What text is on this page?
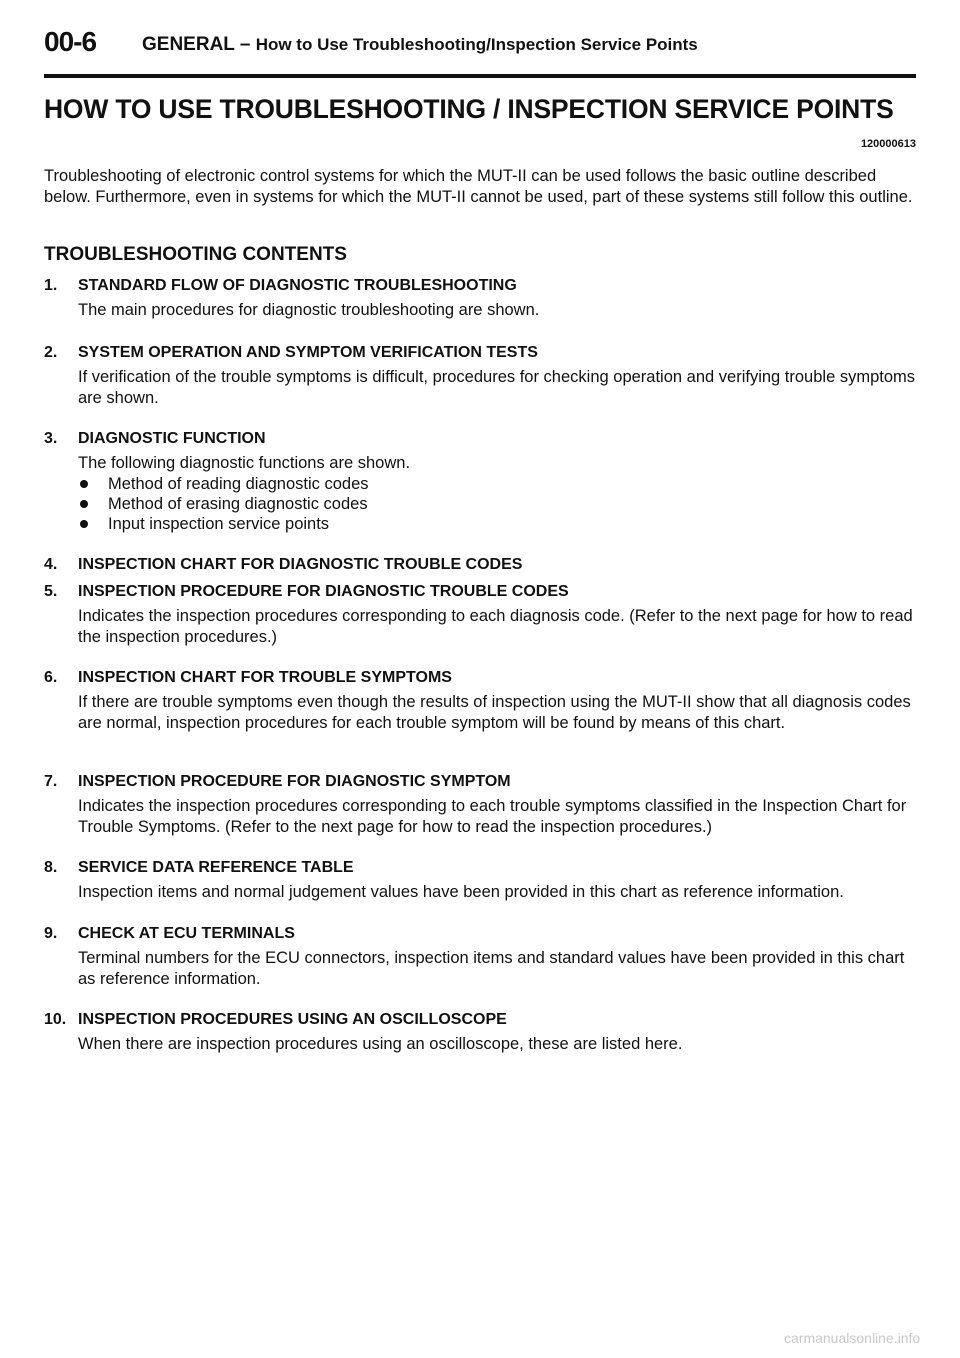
00-6 GENERAL – How to Use Troubleshooting/Inspection Service Points
HOW TO USE TROUBLESHOOTING / INSPECTION SERVICE POINTS
120000613

Troubleshooting of electronic control systems for which the MUT-II can be used follows the basic outline described below. Furthermore, even in systems for which the MUT-II cannot be used, part of these systems still follow this outline.

TROUBLESHOOTING CONTENTS
1. STANDARD FLOW OF DIAGNOSTIC TROUBLESHOOTING
The main procedures for diagnostic troubleshooting are shown.
2. SYSTEM OPERATION AND SYMPTOM VERIFICATION TESTS
If verification of the trouble symptoms is difficult, procedures for checking operation and verifying trouble symptoms are shown.
3. DIAGNOSTIC FUNCTION
The following diagnostic functions are shown.
Method of reading diagnostic codes
Method of erasing diagnostic codes
Input inspection service points
4. INSPECTION CHART FOR DIAGNOSTIC TROUBLE CODES
5. INSPECTION PROCEDURE FOR DIAGNOSTIC TROUBLE CODES
Indicates the inspection procedures corresponding to each diagnosis code. (Refer to the next page for how to read the inspection procedures.)
6. INSPECTION CHART FOR TROUBLE SYMPTOMS
If there are trouble symptoms even though the results of inspection using the MUT-II show that all diagnosis codes are normal, inspection procedures for each trouble symptom will be found by means of this chart.
7. INSPECTION PROCEDURE FOR DIAGNOSTIC SYMPTOM
Indicates the inspection procedures corresponding to each trouble symptoms classified in the Inspection Chart for Trouble Symptoms. (Refer to the next page for how to read the inspection procedures.)
8. SERVICE DATA REFERENCE TABLE
Inspection items and normal judgement values have been provided in this chart as reference information.
9. CHECK AT ECU TERMINALS
Terminal numbers for the ECU connectors, inspection items and standard values have been provided in this chart as reference information.
10. INSPECTION PROCEDURES USING AN OSCILLOSCOPE
When there are inspection procedures using an oscilloscope, these are listed here.
carmanualsonline.info
